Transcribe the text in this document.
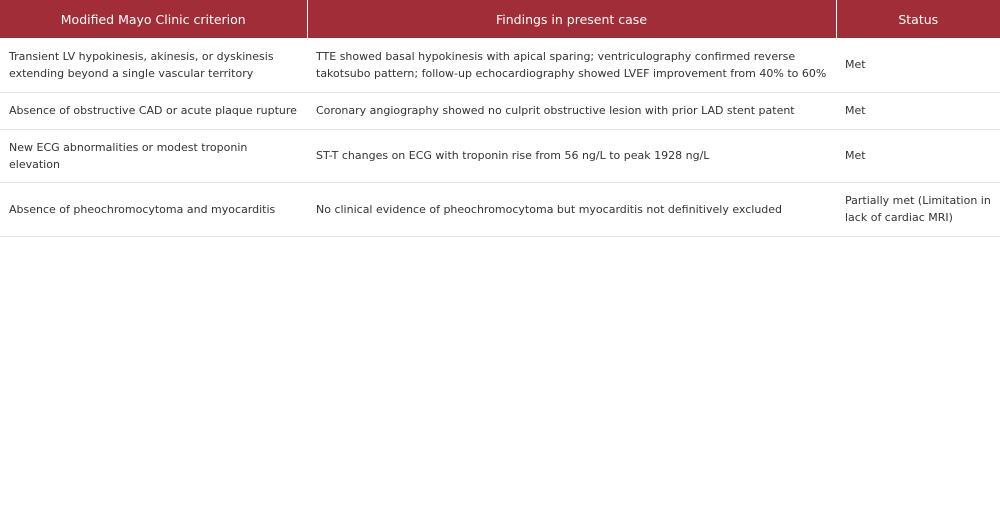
Modified Mayo Clinic criterion	Findings in present case	Status
Transient LV hypokinesis, akinesis, or dyskinesis extending beyond a single vascular territory	TTE showed basal hypokinesis with apical sparing; ventriculography confirmed reverse takotsubo pattern; follow-up echocardiography showed LVEF improvement from 40% to 60%	Met
Absence of obstructive CAD or acute plaque rupture	Coronary angiography showed no culprit obstructive lesion with prior LAD stent patent	Met
New ECG abnormalities or modest troponin elevation	ST-T changes on ECG with troponin rise from 56 ng/L to peak 1928 ng/L	Met
Absence of pheochromocytoma and myocarditis	No clinical evidence of pheochromocytoma but myocarditis not definitively excluded	Partially met (Limitation in lack of cardiac MRI)
